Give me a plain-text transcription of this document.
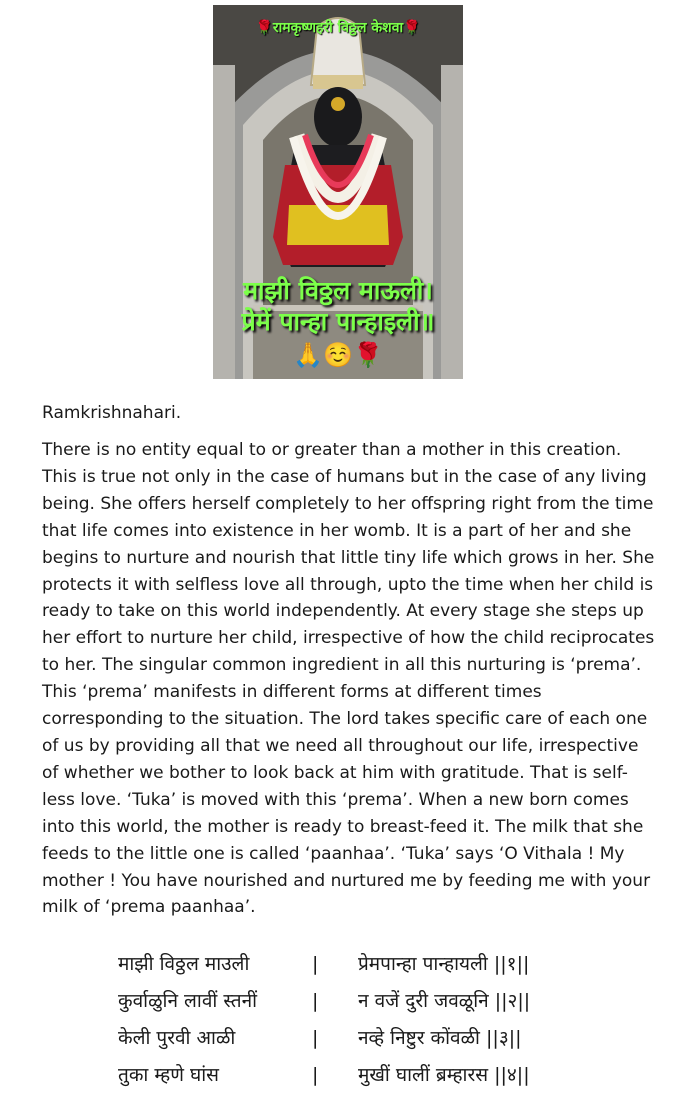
🌹रामकृष्णहरी विठ्ठल केशवा🌹
माझी विठ्ठल माऊली।
प्रेमें पान्हा पान्हाइली॥
🙏☺️🌹
Ramkrishnahari.

There is no entity equal to or greater than a mother in this creation. This is true not only in the case of humans but in the case of any living being. She offers herself completely to her offspring right from the time that life comes into existence in her womb. It is a part of her and she begins to nurture and nourish that little tiny life which grows in her. She protects it with selfless love all through, upto the time when her child is ready to take on this world independently. At every stage she steps up her effort to nurture her child, irrespective of how the child reciprocates to her. The singular common ingredient in all this nurturing is ‘prema’. This ‘prema’ manifests in different forms at different times corresponding to the situation. The lord takes specific care of each one of us by providing all that we need all throughout our life, irrespective of whether we bother to look back at him with gratitude. That is self-less love. ‘Tuka’ is moved with this ‘prema’. When a new born comes into this world, the mother is ready to breast-feed it. The milk that she feeds to the little one is called ‘paanhaa’. ‘Tuka’ says ‘O Vithala ! My mother ! You have nourished and nurtured me by feeding me with your milk of ‘prema paanhaa’.

माझी विठ्ठल माउली	| प्रेमपान्हा पान्हायली ||१||
कुर्वाळुनि लावीं स्तनीं	| न वजें दुरी जवळूनि ||२||
केली पुरवी आळी	| नव्हे निष्टुर कोंवळी ||३||
तुका म्हणे घांस	| मुखीं घालीं ब्रम्हारस ||४||
